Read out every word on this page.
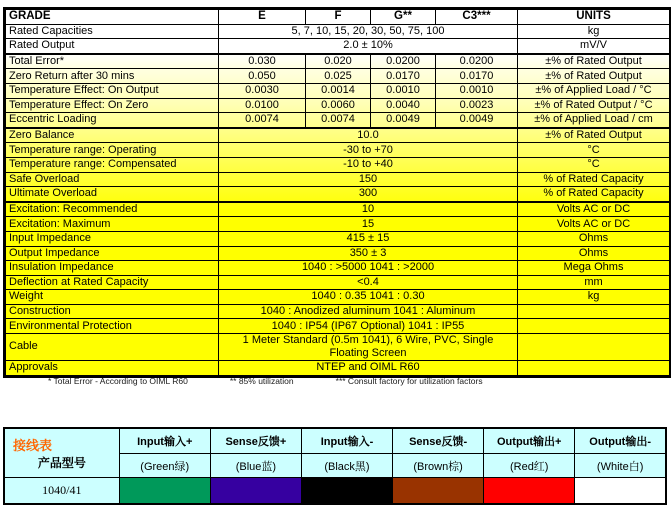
GRADE	E	F	G**	C3***	UNITS
Rated Capacities	5, 7, 10, 15, 20, 30, 50, 75, 100				kg
Rated Output	2.0 ± 10%				mV/V
Total Error*	0.030	0.020	0.0200	0.0200	±% of Rated Output
Zero Return after 30 mins	0.050	0.025	0.0170	0.0170	±% of Rated Output
Temperature Effect: On Output	0.0030	0.0014	0.0010	0.0010	±% of Applied Load / °C
Temperature Effect: On Zero	0.0100	0.0060	0.0040	0.0023	±% of Rated Output / °C
Eccentric Loading	0.0074	0.0074	0.0049	0.0049	±% of Applied Load / cm
Zero Balance	10.0				±% of Rated Output
Temperature range: Operating	-30 to +70				°C
Temperature range: Compensated	-10 to +40				°C
Safe Overload	150				% of Rated Capacity
Ultimate Overload	300				% of Rated Capacity
Excitation: Recommended	10				Volts AC or DC
Excitation: Maximum	15				Volts AC or DC
Input Impedance	415 ± 15				Ohms
Output Impedance	350 ± 3				Ohms
Insulation Impedance	1040 : >5000 1041 : >2000				Mega Ohms
Deflection at Rated Capacity	<0.4				mm
Weight	1040 : 0.35 1041 : 0.30				kg
Construction	1040 : Anodized aluminum 1041 : Aluminum				
Environmental Protection	1040 : IP54 (IP67 Optional) 1041 : IP55				
Cable	1 Meter Standard (0.5m 1041), 6 Wire, PVC, Single Floating Screen				
Approvals	NTEP and OIML R60				
* Total Error - According to OIML R60	** 85% utilization	*** Consult factory for utilization factors
接线表
产品型号	Input输入+	Sense反馈+	Input输入-	Sense反馈-	Output输出+	Output输出-
	(Green绿)	(Blue蓝)	(Black黑)	(Brown棕)	(Red红)	(White白)
1040/41						
